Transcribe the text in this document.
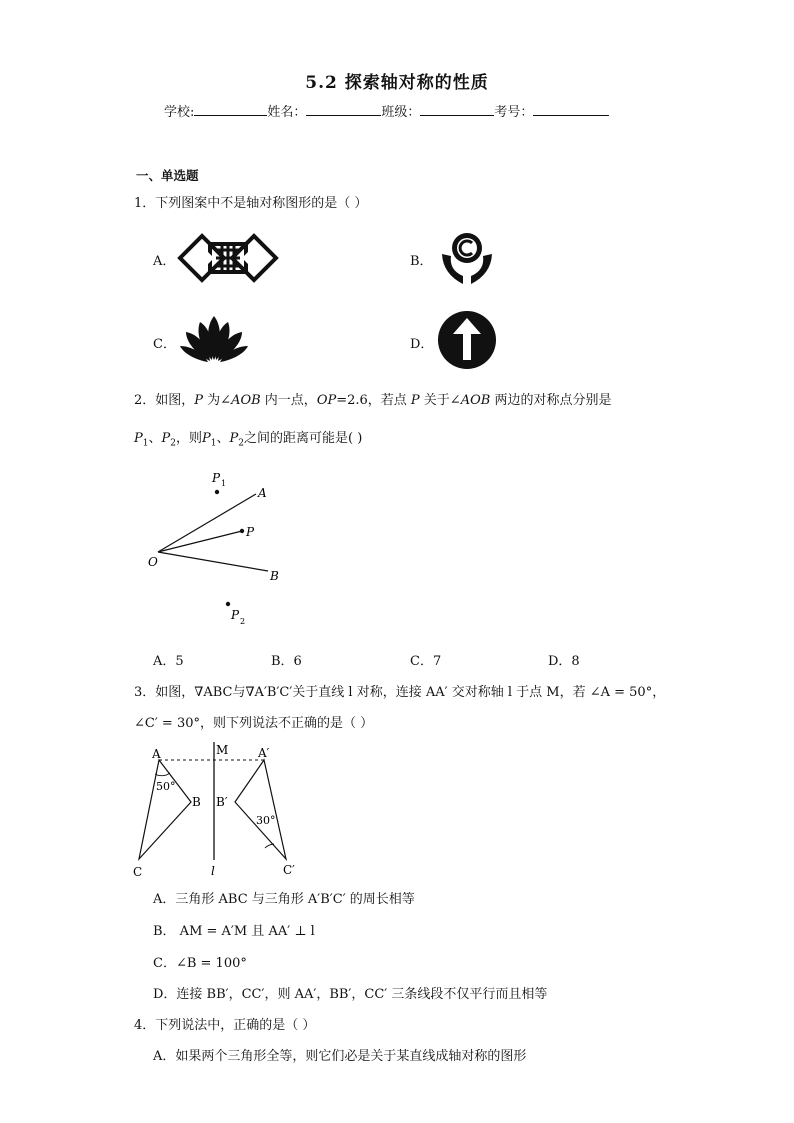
5.2 探索轴对称的性质
学校:	姓名：	班级：	考号：
一、单选题
1．下列图案中不是轴对称图形的是（ ）
A．	B．
C．	D．
2．如图，P 为∠AOB 内一点，OP=2.6，若点 P 关于∠AOB 两边的对称点分别是
$P_1$、$P_2$，则$P_1$、$P_2$之间的距离可能是( )
O
A
B
P
P 1
P 2
A．5	B．6	C．7	D．8
3．如图，∇ABC与∇A′B′C′关于直线 l 对称，连接 AA′ 交对称轴 l 于点 M，若 ∠A = 50°，
∠C′ = 30°，则下列说法不正确的是（ ）
A	M A′
B B′
C	C′
l
50°
30°
A．三角形 ABC 与三角形 A′B′C′ 的周长相等
B． AM = A′M 且 AA′ ⊥ l
C．∠B = 100°
D．连接 BB′，CC′，则 AA′，BB′，CC′ 三条线段不仅平行而且相等
4．下列说法中，正确的是（ ）
A．如果两个三角形全等，则它们必是关于某直线成轴对称的图形
